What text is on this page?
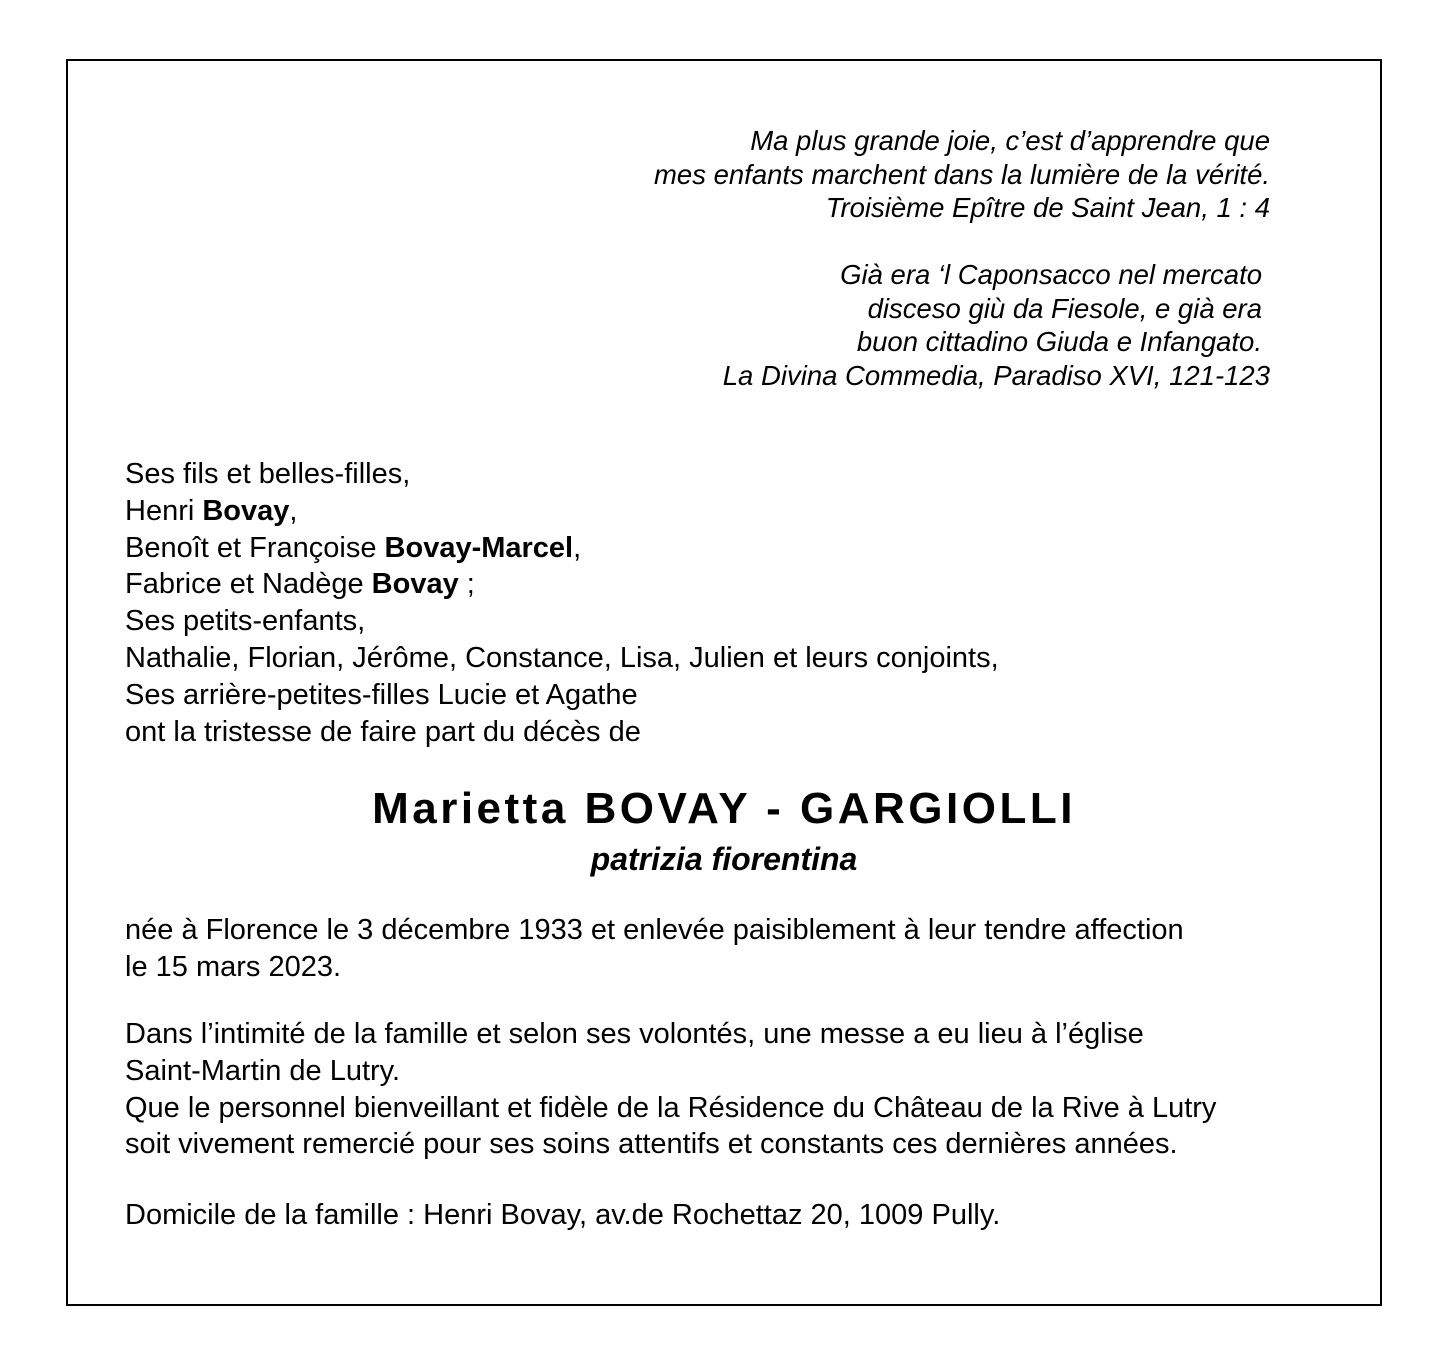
Ma plus grande joie, c’est d’apprendre que
mes enfants marchent dans la lumière de la vérité.
Troisième Epître de Saint Jean, 1 : 4
Già era ‘l Caponsacco nel mercato
disceso giù da Fiesole, e già era
buon cittadino Giuda e Infangato.
La Divina Commedia, Paradiso XVI, 121-123
Ses fils et belles-filles,
Henri Bovay,
Benoît et Françoise Bovay-Marcel,
Fabrice et Nadège Bovay ;
Ses petits-enfants,
Nathalie, Florian, Jérôme, Constance, Lisa, Julien et leurs conjoints,
Ses arrière-petites-filles Lucie et Agathe
ont la tristesse de faire part du décès de
Marietta BOVAY - GARGIOLLI
patrizia fiorentina
née à Florence le 3 décembre 1933 et enlevée paisiblement à leur tendre affection
le 15 mars 2023.
Dans l’intimité de la famille et selon ses volontés, une messe a eu lieu à l’église
Saint-Martin de Lutry.
Que le personnel bienveillant et fidèle de la Résidence du Château de la Rive à Lutry
soit vivement remercié pour ses soins attentifs et constants ces dernières années.
Domicile de la famille : Henri Bovay, av.de Rochettaz 20, 1009 Pully.
